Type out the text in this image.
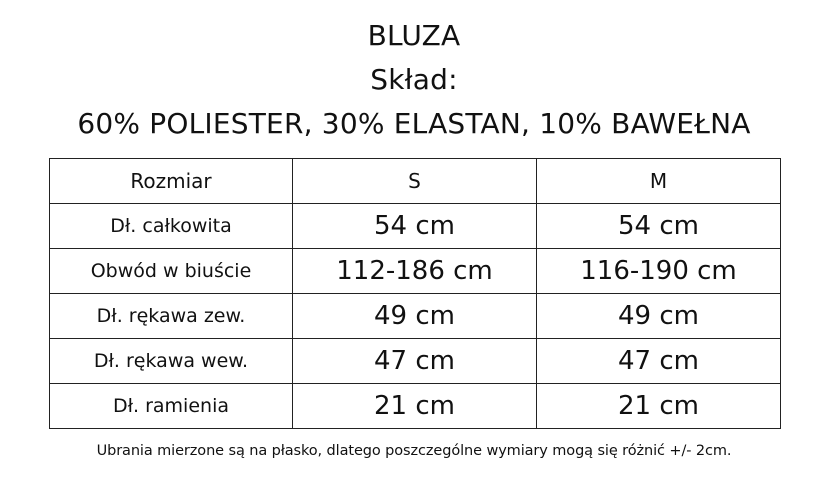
BLUZA
Skład:
60% POLIESTER, 30% ELASTAN, 10% BAWEŁNA
Rozmiar	S	M
Dł. całkowita	54 cm	54 cm
Obwód w biuście	112-186 cm	116-190 cm
Dł. rękawa zew.	49 cm	49 cm
Dł. rękawa wew.	47 cm	47 cm
Dł. ramienia	21 cm	21 cm
Ubrania mierzone są na płasko, dlatego poszczególne wymiary mogą się różnić +/- 2cm.
